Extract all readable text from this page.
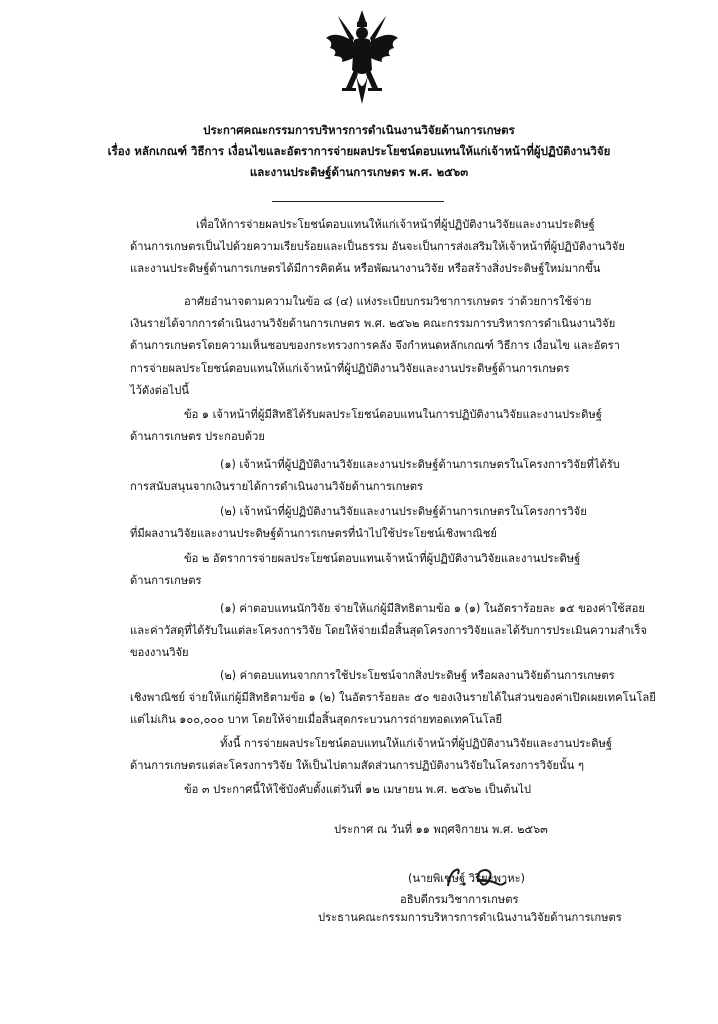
ประกาศคณะกรรมการบริหารการดำเนินงานวิจัยด้านการเกษตร
เรื่อง หลักเกณฑ์ วิธีการ เงื่อนไขและอัตราการจ่ายผลประโยชน์ตอบแทนให้แก่เจ้าหน้าที่ผู้ปฏิบัติงานวิจัย
และงานประดิษฐ์ด้านการเกษตร พ.ศ. ๒๕๖๓
เพื่อให้การจ่ายผลประโยชน์ตอบแทนให้แก่เจ้าหน้าที่ผู้ปฏิบัติงานวิจัยและงานประดิษฐ์
ด้านการเกษตรเป็นไปด้วยความเรียบร้อยและเป็นธรรม อันจะเป็นการส่งเสริมให้เจ้าหน้าที่ผู้ปฏิบัติงานวิจัย
และงานประดิษฐ์ด้านการเกษตรได้มีการคิดค้น หรือพัฒนางานวิจัย หรือสร้างสิ่งประดิษฐ์ใหม่มากขึ้น
อาศัยอำนาจตามความในข้อ ๘ (๔) แห่งระเบียบกรมวิชาการเกษตร ว่าด้วยการใช้จ่าย
เงินรายได้จากการดำเนินงานวิจัยด้านการเกษตร พ.ศ. ๒๕๖๒ คณะกรรมการบริหารการดำเนินงานวิจัย
ด้านการเกษตรโดยความเห็นชอบของกระทรวงการคลัง จึงกำหนดหลักเกณฑ์ วิธีการ เงื่อนไข และอัตรา
การจ่ายผลประโยชน์ตอบแทนให้แก่เจ้าหน้าที่ผู้ปฏิบัติงานวิจัยและงานประดิษฐ์ด้านการเกษตร
ไว้ดังต่อไปนี้
ข้อ ๑ เจ้าหน้าที่ผู้มีสิทธิได้รับผลประโยชน์ตอบแทนในการปฏิบัติงานวิจัยและงานประดิษฐ์
ด้านการเกษตร ประกอบด้วย
(๑) เจ้าหน้าที่ผู้ปฏิบัติงานวิจัยและงานประดิษฐ์ด้านการเกษตรในโครงการวิจัยที่ได้รับ
การสนับสนุนจากเงินรายได้การดำเนินงานวิจัยด้านการเกษตร
(๒) เจ้าหน้าที่ผู้ปฏิบัติงานวิจัยและงานประดิษฐ์ด้านการเกษตรในโครงการวิจัย
ที่มีผลงานวิจัยและงานประดิษฐ์ด้านการเกษตรที่นำไปใช้ประโยชน์เชิงพาณิชย์
ข้อ ๒ อัตราการจ่ายผลประโยชน์ตอบแทนเจ้าหน้าที่ผู้ปฏิบัติงานวิจัยและงานประดิษฐ์
ด้านการเกษตร
(๑) ค่าตอบแทนนักวิจัย จ่ายให้แก่ผู้มีสิทธิตามข้อ ๑ (๑) ในอัตราร้อยละ ๑๕ ของค่าใช้สอย
และค่าวัสดุที่ได้รับในแต่ละโครงการวิจัย โดยให้จ่ายเมื่อสิ้นสุดโครงการวิจัยและได้รับการประเมินความสำเร็จ
ของงานวิจัย
(๒) ค่าตอบแทนจากการใช้ประโยชน์จากสิ่งประดิษฐ์ หรือผลงานวิจัยด้านการเกษตร
เชิงพาณิชย์ จ่ายให้แก่ผู้มีสิทธิตามข้อ ๑ (๒) ในอัตราร้อยละ ๕๐ ของเงินรายได้ในส่วนของค่าเปิดเผยเทคโนโลยี
แต่ไม่เกิน ๑๐๐,๐๐๐ บาท โดยให้จ่ายเมื่อสิ้นสุดกระบวนการถ่ายทอดเทคโนโลยี
ทั้งนี้ การจ่ายผลประโยชน์ตอบแทนให้แก่เจ้าหน้าที่ผู้ปฏิบัติงานวิจัยและงานประดิษฐ์
ด้านการเกษตรแต่ละโครงการวิจัย ให้เป็นไปตามสัดส่วนการปฏิบัติงานวิจัยในโครงการวิจัยนั้น ๆ
ข้อ ๓ ประกาศนี้ให้ใช้บังคับตั้งแต่วันที่ ๑๒ เมษายน พ.ศ. ๒๕๖๒ เป็นต้นไป
ประกาศ ณ วันที่ ๑๑ พฤศจิกายน พ.ศ. ๒๕๖๓
(นายพิเชษฐ์ วิริยะพาหะ)
อธิบดีกรมวิชาการเกษตร
ประธานคณะกรรมการบริหารการดำเนินงานวิจัยด้านการเกษตร
